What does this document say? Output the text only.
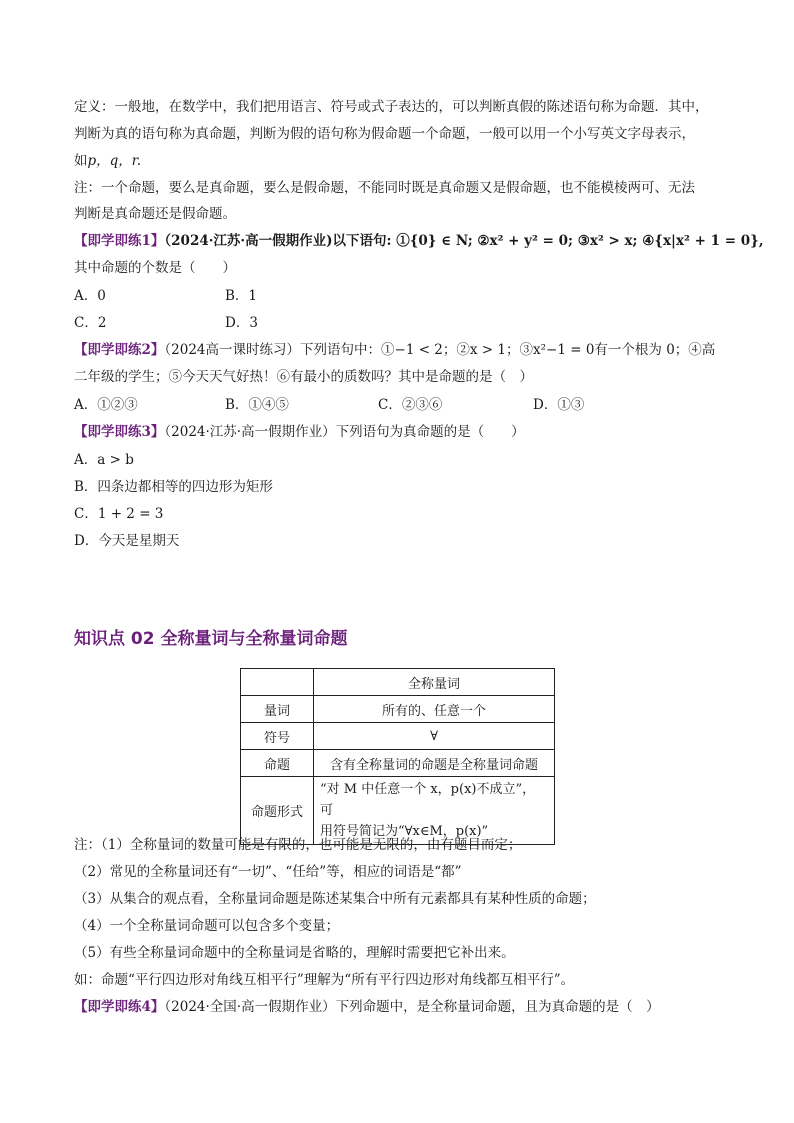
定义：一般地，在数学中，我们把用语言、符号或式子表达的，可以判断真假的陈述语句称为命题．其中，
判断为真的语句称为真命题，判断为假的语句称为假命题一个命题，一般可以用一个小写英文字母表示，
如p，q，r.
注：一个命题，要么是真命题，要么是假命题，不能同时既是真命题又是假命题，也不能模棱两可、无法
判断是真命题还是假命题。
【即学即练1】（2024·江苏·高一假期作业)以下语句: ①{0} ∈ N; ②x² + y² = 0; ③x² > x; ④{x|x² + 1 = 0},
其中命题的个数是（　　）
A．0	B．1
C．2	D．3
【即学即练2】（2024高一课时练习）下列语句中：①−1 < 2；②x > 1；③x²−1 = 0有一个根为 0；④高
二年级的学生；⑤今天天气好热！⑥有最小的质数吗？其中是命题的是（　）
A．①②③	B．①④⑤	C．②③⑥	D．①③
【即学即练3】（2024·江苏·高一假期作业）下列语句为真命题的是（　　）
A．a > b
B．四条边都相等的四边形为矩形
C．1 + 2 = 3
D．今天是星期天
知识点 02 全称量词与全称量词命题
	全称量词
量词	所有的、任意一个
符号	∀
命题	含有全称量词的命题是全称量词命题
命题形式	“对 M 中任意一个 x，p(x)不成立”，可
用符号简记为“∀x∈M，p(x)”
注：（1）全称量词的数量可能是有限的，也可能是无限的，由有题目而定；
（2）常见的全称量词还有“一切”、“任给”等，相应的词语是“都”
（3）从集合的观点看，全称量词命题是陈述某集合中所有元素都具有某种性质的命题；
（4）一个全称量词命题可以包含多个变量；
（5）有些全称量词命题中的全称量词是省略的，理解时需要把它补出来。
如：命题“平行四边形对角线互相平行”理解为“所有平行四边形对角线都互相平行”。
【即学即练4】（2024·全国·高一假期作业）下列命题中，是全称量词命题，且为真命题的是（　）
